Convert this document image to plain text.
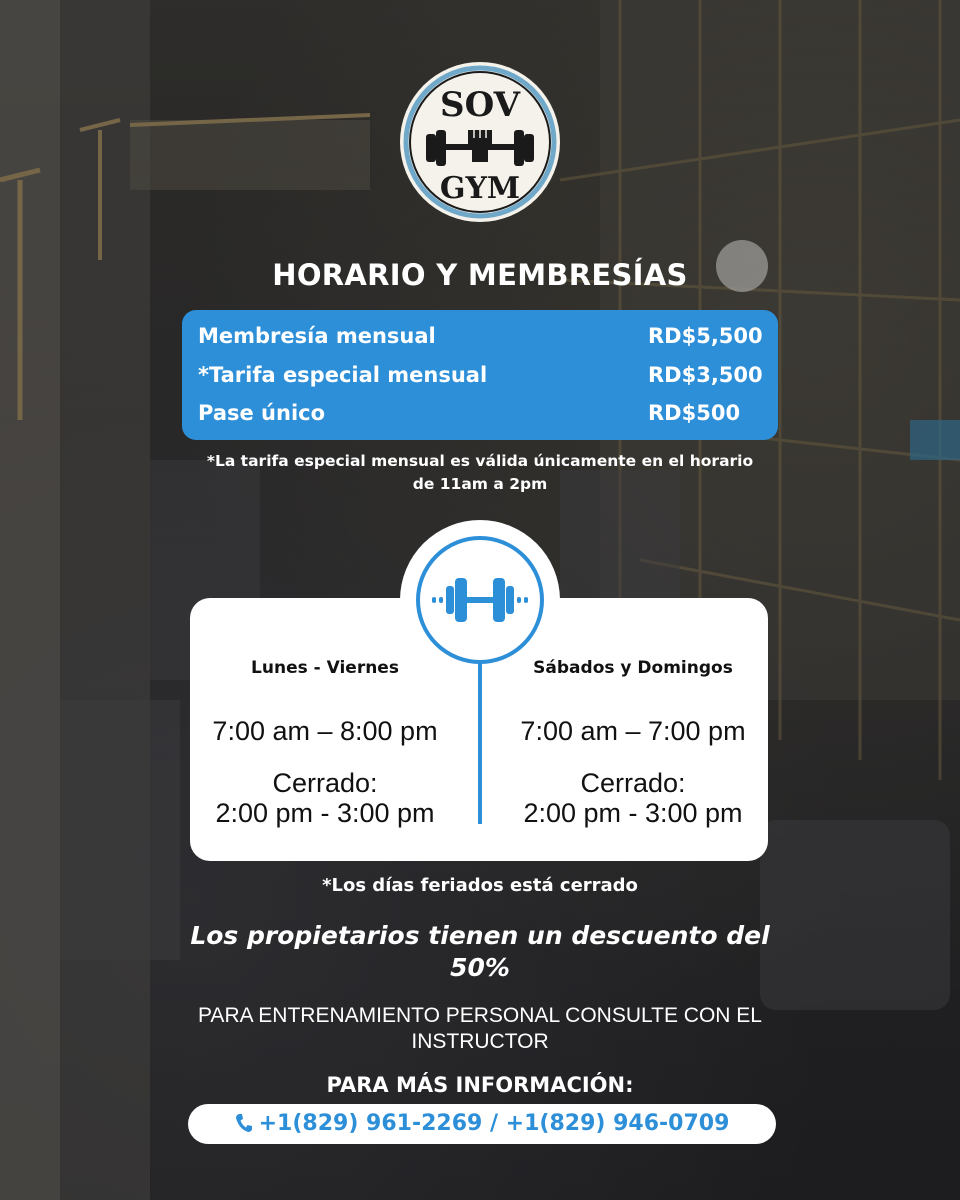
SOV
GYM
HORARIO Y MEMBRESÍAS
Membresía mensual	RD$5,500
*Tarifa especial mensual	RD$3,500
Pase único	RD$500
*La tarifa especial mensual es válida únicamente en el horario de 11am a 2pm
Lunes - Viernes
7:00 am – 8:00 pm
Cerrado:
2:00 pm - 3:00 pm
Sábados y Domingos
7:00 am – 7:00 pm
Cerrado:
2:00 pm - 3:00 pm
*Los días feriados está cerrado
Los propietarios tienen un descuento del 50%
PARA ENTRENAMIENTO PERSONAL CONSULTE CON EL INSTRUCTOR
PARA MÁS INFORMACIÓN:
+1(829) 961-2269 / +1(829) 946-0709
